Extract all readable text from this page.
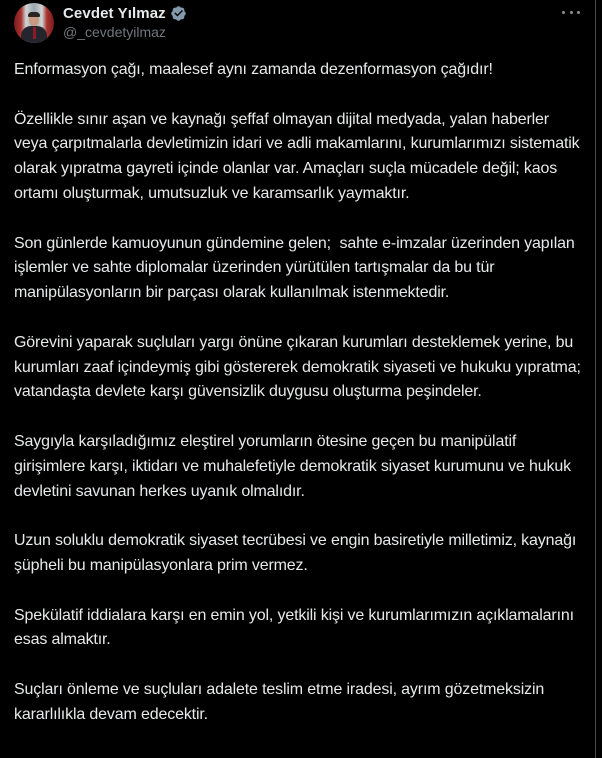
Cevdet Yılmaz
@_cevdetyilmaz

Enformasyon çağı, maalesef aynı zamanda dezenformasyon çağıdır!

Özellikle sınır aşan ve kaynağı şeffaf olmayan dijital medyada, yalan haberler veya çarpıtmalarla devletimizin idari ve adli makamlarını, kurumlarımızı sistematik olarak yıpratma gayreti içinde olanlar var. Amaçları suçla mücadele değil; kaos ortamı oluşturmak, umutsuzluk ve karamsarlık yaymaktır.

Son günlerde kamuoyunun gündemine gelen;  sahte e-imzalar üzerinden yapılan işlemler ve sahte diplomalar üzerinden yürütülen tartışmalar da bu tür manipülasyonların bir parçası olarak kullanılmak istenmektedir.

Görevini yaparak suçluları yargı önüne çıkaran kurumları desteklemek yerine, bu kurumları zaaf içindeymiş gibi göstererek demokratik siyaseti ve hukuku yıpratma; vatandaşta devlete karşı güvensizlik duygusu oluşturma peşindeler.

Saygıyla karşıladığımız eleştirel yorumların ötesine geçen bu manipülatif girişimlere karşı, iktidarı ve muhalefetiyle demokratik siyaset kurumunu ve hukuk devletini savunan herkes uyanık olmalıdır.

Uzun soluklu demokratik siyaset tecrübesi ve engin basiretiyle milletimiz, kaynağı şüpheli bu manipülasyonlara prim vermez.

Spekülatif iddialara karşı en emin yol, yetkili kişi ve kurumlarımızın açıklamalarını esas almaktır.

Suçları önleme ve suçluları adalete teslim etme iradesi, ayrım gözetmeksizin kararlılıkla devam edecektir.
